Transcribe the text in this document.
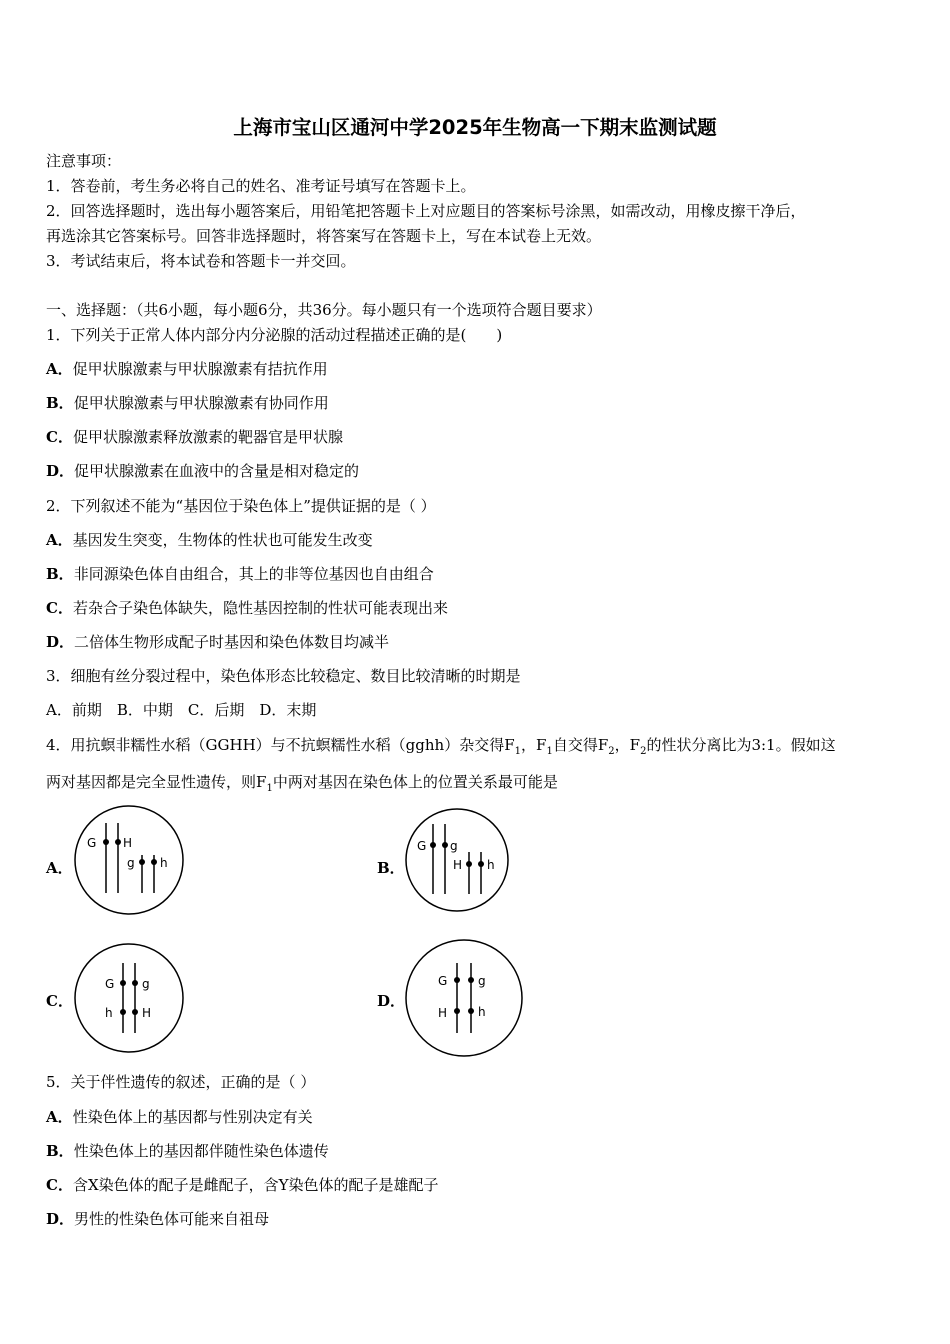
上海市宝山区通河中学2025年生物高一下期末监测试题
注意事项：
1．答卷前，考生务必将自己的姓名、准考证号填写在答题卡上。
2．回答选择题时，选出每小题答案后，用铅笔把答题卡上对应题目的答案标号涂黑，如需改动，用橡皮擦干净后，
再选涂其它答案标号。回答非选择题时，将答案写在答题卡上，写在本试卷上无效。
3．考试结束后，将本试卷和答题卡一并交回。
一、选择题：（共6小题，每小题6分，共36分。每小题只有一个选项符合题目要求）
1．下列关于正常人体内部分内分泌腺的活动过程描述正确的是(　　)
A．促甲状腺激素与甲状腺激素有拮抗作用
B．促甲状腺激素与甲状腺激素有协同作用
C．促甲状腺激素释放激素的靶器官是甲状腺
D．促甲状腺激素在血液中的含量是相对稳定的
2．下列叙述不能为“基因位于染色体上”提供证据的是（ ）
A．基因发生突变，生物体的性状也可能发生改变
B．非同源染色体自由组合，其上的非等位基因也自由组合
C．若杂合子染色体缺失，隐性基因控制的性状可能表现出来
D．二倍体生物形成配子时基因和染色体数目均减半
3．细胞有丝分裂过程中，染色体形态比较稳定、数目比较清晰的时期是
A．前期　B．中期　C．后期　D．末期
4．用抗螟非糯性水稻（GGHH）与不抗螟糯性水稻（gghh）杂交得$F_1$，$F_1$自交得$F_2$，$F_2$的性状分离比为3:1。假如这
两对基因都是完全显性遗传，则$F_1$中两对基因在染色体上的位置关系最可能是
A．
G H
g h	B．
G g
H h
C．
G g
h H
D．
G	g
H	h
5．关于伴性遗传的叙述，正确的是（ ）
A．性染色体上的基因都与性别决定有关
B．性染色体上的基因都伴随性染色体遗传
C．含X染色体的配子是雌配子，含Y染色体的配子是雄配子
D．男性的性染色体可能来自祖母
